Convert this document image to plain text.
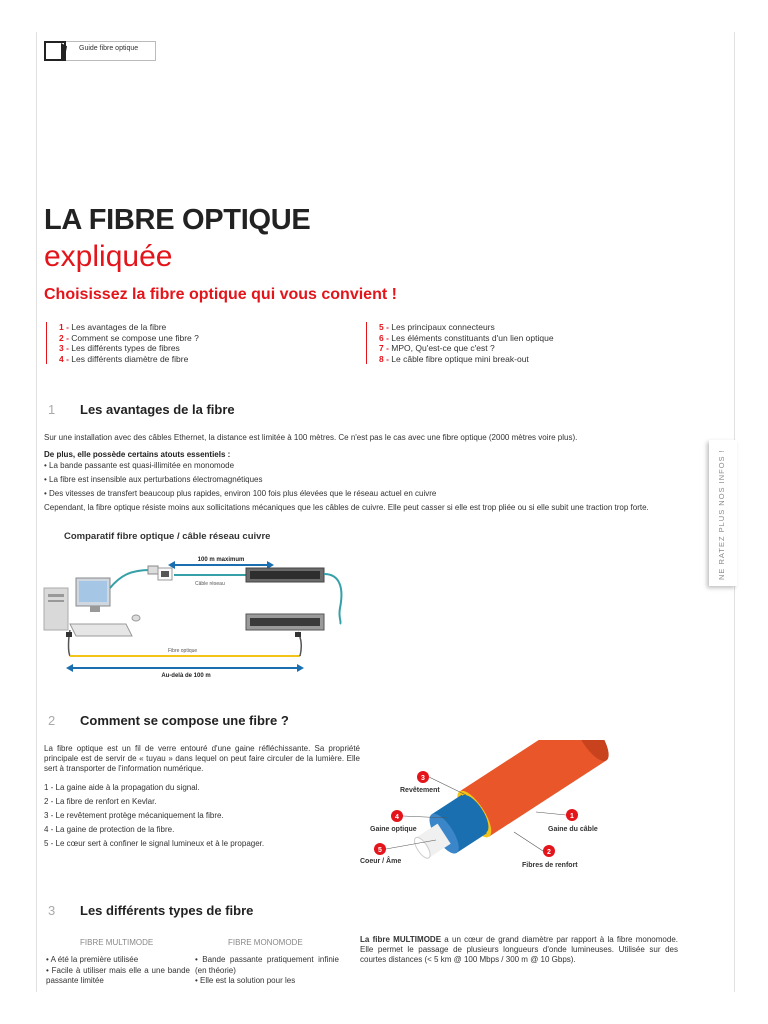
Guide fibre optique
LA FIBRE OPTIQUE
expliquée
Choisissez la fibre optique qui vous convient !
1 - Les avantages de la fibre
2 - Comment se compose une fibre ?
3 - Les différents types de fibres
4 - Les différents diamètre de fibre
5 - Les principaux connecteurs
6 - Les éléments constituants d'un lien optique
7 - MPO, Qu'est-ce que c'est ?
8 - Le câble fibre optique mini break-out
1 Les avantages de la fibre
Sur une installation avec des câbles Ethernet, la distance est limitée à 100 mètres. Ce n'est pas le cas avec une fibre optique (2000 mètres voire plus).
De plus, elle possède certains atouts essentiels :
• La bande passante est quasi-illimitée en monomode
• La fibre est insensible aux perturbations électromagnétiques
• Des vitesses de transfert beaucoup plus rapides, environ 100 fois plus élevées que le réseau actuel en cuivre
Cependant, la fibre optique résiste moins aux sollicitations mécaniques que les câbles de cuivre. Elle peut casser si elle est trop pliée ou si elle subit une traction trop forte.
Comparatif fibre optique / câble réseau cuivre
100 m maximum
Câble réseau
Fibre optique
Au-delà de 100 m
2 Comment se compose une fibre ?
La fibre optique est un fil de verre entouré d'une gaine réfléchissante. Sa propriété principale est de servir de « tuyau » dans lequel on peut faire circuler de la lumière. Elle sert à transporter de l'information numérique.
1 - La gaine aide à la propagation du signal.
2 - La fibre de renfort en Kevlar.
3 - Le revêtement protège mécaniquement la fibre.
4 - La gaine de protection de la fibre.
5 - Le cœur sert à confiner le signal lumineux et à le propager.
3
Revêtement
4
Gaine optique
5
Coeur / Âme
1
Gaine du câble
2
Fibres de renfort
3 Les différents types de fibre
FIBRE MULTIMODE	FIBRE MONOMODE
• A été la première utilisée
• Facile à utiliser mais elle a une bande passante limitée
• Bande passante pratiquement infinie (en théorie)
• Elle est la solution pour les
La fibre MULTIMODE a un cœur de grand diamètre par rapport à la fibre monomode. Elle permet le passage de plusieurs longueurs d'onde lumineuses. Utilisée sur des courtes distances (< 5 km @ 100 Mbps / 300 m @ 10 Gbps).
NE RATEZ PLUS NOS INFOS !
